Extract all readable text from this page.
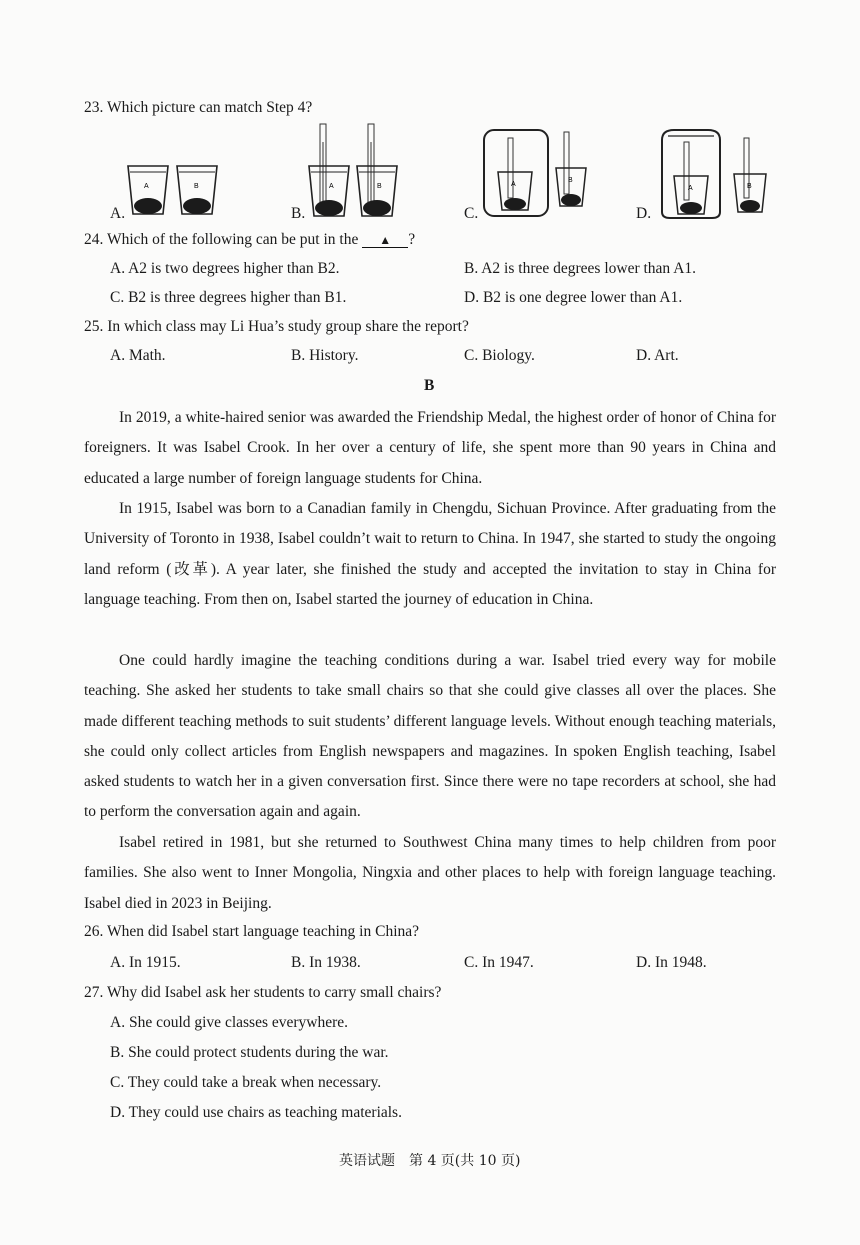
23. Which picture can match Step 4?
A.	B.	C.	D.
A	B	A	B	A
B
A	B
24. Which of the following can be put in the ▲ ?
A. A2 is two degrees higher than B2.	B. A2 is three degrees lower than A1.
C. B2 is three degrees higher than B1.	D. B2 is one degree lower than A1.
25. In which class may Li Hua’s study group share the report?
A. Math.	B. History.	C. Biology.	D. Art.
B
In 2019, a white-haired senior was awarded the Friendship Medal, the highest order of honor of China for foreigners. It was Isabel Crook. In her over a century of life, she spent more than 90 years in China and educated a large number of foreign language students for China.
In 1915, Isabel was born to a Canadian family in Chengdu, Sichuan Province. After graduating from the University of Toronto in 1938, Isabel couldn’t wait to return to China. In 1947, she started to study the ongoing land reform (改革). A year later, she finished the study and accepted the invitation to stay in China for language teaching. From then on, Isabel started the journey of education in China.
One could hardly imagine the teaching conditions during a war. Isabel tried every way for mobile teaching. She asked her students to take small chairs so that she could give classes all over the places. She made different teaching methods to suit students’ different language levels. Without enough teaching materials, she could only collect articles from English newspapers and magazines. In spoken English teaching, Isabel asked students to watch her in a given conversation first. Since there were no tape recorders at school, she had to perform the conversation again and again.
Isabel retired in 1981, but she returned to Southwest China many times to help children from poor families. She also went to Inner Mongolia, Ningxia and other places to help with foreign language teaching. Isabel died in 2023 in Beijing.
26. When did Isabel start language teaching in China?
A. In 1915.	B. In 1938.	C. In 1947.	D. In 1948.
27. Why did Isabel ask her students to carry small chairs?
A. She could give classes everywhere.
B. She could protect students during the war.
C. They could take a break when necessary.
D. They could use chairs as teaching materials.
英语试题　第 4 页(共 10 页)
